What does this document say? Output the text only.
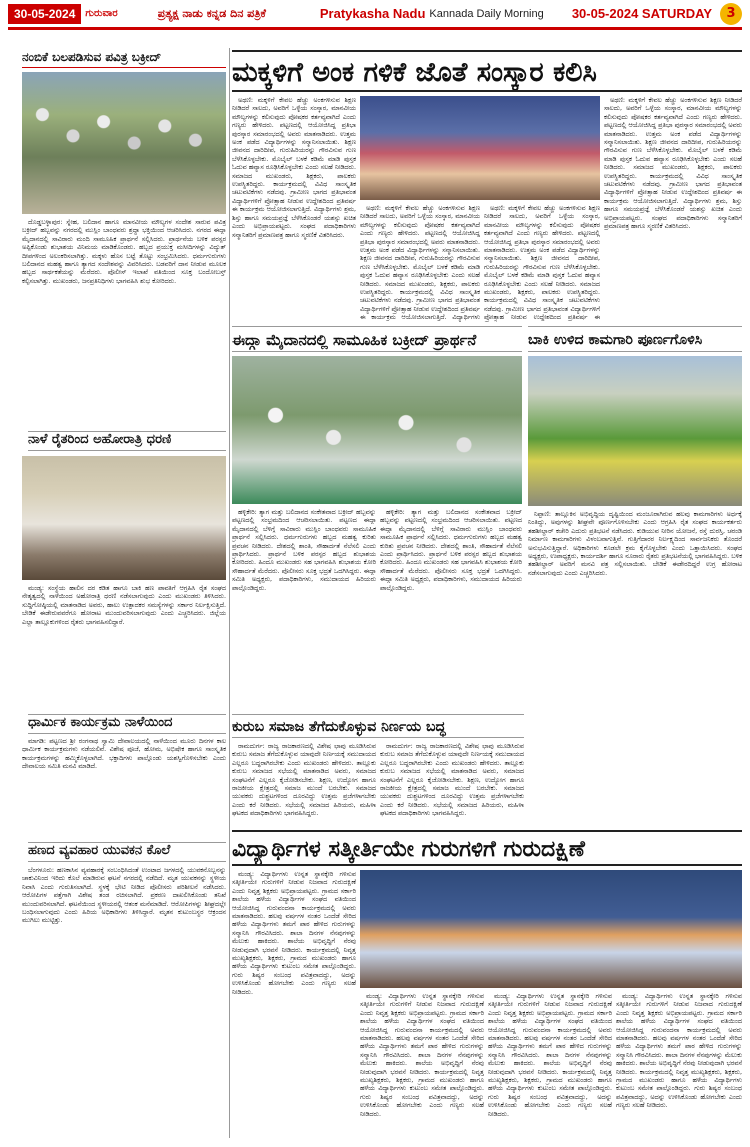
30-05-2024	ಗುರುವಾರ	ಪ್ರತ್ಯಕ್ಷ ನಾಡು ಕನ್ನಡ ದಿನ ಪತ್ರಿಕೆ	Pratykasha Nadu Kannada Daily Morning 30-05-2024 SATURDAY	3
ನಂಬಿಕೆ ಬಲಪಡಿಸುವ ಪವಿತ್ರ ಬಕ್ರೀದ್

ದೊಡ್ಡಬಳ್ಳಾಪುರ: ಸ್ನೇಹ, ಬಲಿದಾನ ಹಾಗೂ ಮಾನವೀಯ ಮೌಲ್ಯಗಳ ಸಂದೇಶ ಸಾರುವ ಪವಿತ್ರ ಬಕ್ರೀದ್ ಹಬ್ಬವನ್ನು ನಗರದಲ್ಲಿ ಮುಸ್ಲಿಂ ಬಾಂಧವರು ಶ್ರದ್ಧಾ ಭಕ್ತಿಯಿಂದ ಆಚರಿಸಿದರು. ನಗರದ ಈದ್ಗಾ ಮೈದಾನದಲ್ಲಿ ಸಾವಿರಾರು ಮಂದಿ ಸಾಮೂಹಿಕ ಪ್ರಾರ್ಥನೆ ಸಲ್ಲಿಸಿದರು. ಪ್ರಾರ್ಥನೆಯ ಬಳಿಕ ಪರಸ್ಪರ ಅಪ್ಪಿಕೊಂಡು ಶುಭಾಶಯ ವಿನಿಮಯ ಮಾಡಿಕೊಂಡರು. ಹಬ್ಬದ ಪ್ರಯುಕ್ತ ಮಸೀದಿಗಳನ್ನು ವಿದ್ಯುತ್ ದೀಪಗಳಿಂದ ಅಲಂಕರಿಸಲಾಗಿತ್ತು. ಮಕ್ಕಳು ಹೊಸ ಬಟ್ಟೆ ತೊಟ್ಟು ಸಂಭ್ರಮಿಸಿದರು. ಧರ್ಮಗುರುಗಳು ಬಲಿದಾನದ ಮಹತ್ವ ಹಾಗೂ ತ್ಯಾಗದ ಸಂದೇಶವನ್ನು ವಿವರಿಸಿದರು. ಬಡವರಿಗೆ ದಾನ ನೀಡುವ ಮೂಲಕ ಹಬ್ಬದ ಸಾರ್ಥಕತೆಯನ್ನು ಮೆರೆದರು. ಪೊಲೀಸ್ ಇಲಾಖೆ ವತಿಯಿಂದ ಸೂಕ್ತ ಬಂದೋಬಸ್ತ್ ಕಲ್ಪಿಸಲಾಗಿತ್ತು. ಮುಖಂಡರು, ಜನಪ್ರತಿನಿಧಿಗಳು ಭಾಗವಹಿಸಿ ಶುಭ ಕೋರಿದರು.

ನಾಳೆ ರೈತರಿಂದ ಅಹೋರಾತ್ರಿ ಧರಣಿ

ಮಂಡ್ಯ: ಸಂಸ್ಥೆಯ ಹಾಲಿನ ದರ ಕಡಿತ ಹಾಗೂ ಬಾಕಿ ಹಣ ಪಾವತಿಗೆ ಆಗ್ರಹಿಸಿ ರೈತ ಸಂಘದ ನೇತೃತ್ವದಲ್ಲಿ ನಾಳೆಯಿಂದ ಅಹೋರಾತ್ರಿ ಧರಣಿ ನಡೆಸಲಾಗುವುದು ಎಂದು ಮುಖಂಡರು ತಿಳಿಸಿದರು. ಸುದ್ದಿಗೋಷ್ಠಿಯಲ್ಲಿ ಮಾತನಾಡಿದ ಅವರು, ಹಾಲು ಉತ್ಪಾದಕರ ಸಮಸ್ಯೆಗಳನ್ನು ಸರ್ಕಾರ ನಿರ್ಲಕ್ಷಿಸುತ್ತಿದೆ. ಬೇಡಿಕೆ ಈಡೇರುವವರೆಗೂ ಹೋರಾಟ ಮುಂದುವರಿಸಲಾಗುವುದು ಎಂದು ಎಚ್ಚರಿಸಿದರು. ಜಿಲ್ಲೆಯ ಎಲ್ಲಾ ತಾಲ್ಲೂಕುಗಳಿಂದ ರೈತರು ಭಾಗವಹಿಸಲಿದ್ದಾರೆ.

ಧಾರ್ಮಿಕ ಕಾರ್ಯಕ್ರಮ ನಾಳೆಯಿಂದ

ಮಾಗಡಿ: ಪಟ್ಟಣದ ಶ್ರೀ ರಂಗನಾಥ ಸ್ವಾಮಿ ದೇವಾಲಯದಲ್ಲಿ ನಾಳೆಯಿಂದ ಮೂರು ದಿನಗಳ ಕಾಲ ಧಾರ್ಮಿಕ ಕಾರ್ಯಕ್ರಮಗಳು ನಡೆಯಲಿವೆ. ವಿಶೇಷ ಪೂಜೆ, ಹೋಮ, ಅಭಿಷೇಕ ಹಾಗೂ ಸಾಂಸ್ಕೃತಿಕ ಕಾರ್ಯಕ್ರಮಗಳನ್ನು ಹಮ್ಮಿಕೊಳ್ಳಲಾಗಿದೆ. ಭಕ್ತಾದಿಗಳು ಪಾಲ್ಗೊಂಡು ಯಶಸ್ವಿಗೊಳಿಸಬೇಕು ಎಂದು ದೇವಾಲಯ ಸಮಿತಿ ಮನವಿ ಮಾಡಿದೆ.

ಹಣದ ವ್ಯವಹಾರ ಯುವಕನ ಕೊಲೆ

ಬೆಂಗಳೂರು: ಹಣಕಾಸಿನ ವ್ಯವಹಾರಕ್ಕೆ ಸಂಬಂಧಿಸಿದಂತೆ ಉಂಟಾದ ಜಗಳದಲ್ಲಿ ಯುವಕನೊಬ್ಬನನ್ನು ಚಾಕುವಿನಿಂದ ಇರಿದು ಕೊಲೆ ಮಾಡಿರುವ ಘಟನೆ ನಗರದಲ್ಲಿ ನಡೆದಿದೆ. ಮೃತ ಯುವಕನನ್ನು ಸ್ಥಳೀಯ ನಿವಾಸಿ ಎಂದು ಗುರುತಿಸಲಾಗಿದೆ. ಸ್ಥಳಕ್ಕೆ ಭೇಟಿ ನೀಡಿದ ಪೊಲೀಸರು ಪರಿಶೀಲನೆ ನಡೆಸಿದರು. ಆರೋಪಿಗಳ ಪತ್ತೆಗಾಗಿ ವಿಶೇಷ ತಂಡ ರಚಿಸಲಾಗಿದೆ. ಪ್ರಕರಣ ದಾಖಲಿಸಿಕೊಂಡು ತನಿಖೆ ಮುಂದುವರಿಸಲಾಗಿದೆ. ಘಟನೆಯಿಂದ ಸ್ಥಳೀಯರಲ್ಲಿ ಆತಂಕ ಮನೆಮಾಡಿದೆ. ಆರೋಪಿಗಳನ್ನು ಶೀಘ್ರದಲ್ಲೇ ಬಂಧಿಸಲಾಗುವುದು ಎಂದು ಹಿರಿಯ ಅಧಿಕಾರಿಗಳು ತಿಳಿಸಿದ್ದಾರೆ. ಮೃತನ ಕುಟುಂಬಸ್ಥರ ಆಕ್ರಂದನ ಮುಗಿಲು ಮುಟ್ಟಿತ್ತು.

ಮಕ್ಕಳಿಗೆ ಅಂಕ ಗಳಿಕೆ ಜೊತೆ ಸಂಸ್ಕಾರ ಕಲಿಸಿ

ಅಥಣಿ: ಮಕ್ಕಳಿಗೆ ಕೇವಲ ಹೆಚ್ಚು ಅಂಕಗಳಿಸುವ ಶಿಕ್ಷಣ ನೀಡಿದರೆ ಸಾಲದು, ಅವರಿಗೆ ಒಳ್ಳೆಯ ಸಂಸ್ಕಾರ, ಮಾನವೀಯ ಮೌಲ್ಯಗಳನ್ನು ಕಲಿಸುವುದು ಪೋಷಕರ ಕರ್ತವ್ಯವಾಗಿದೆ ಎಂದು ಗಣ್ಯರು ಹೇಳಿದರು. ಪಟ್ಟಣದಲ್ಲಿ ಆಯೋಜಿಸಿದ್ದ ಪ್ರತಿಭಾ ಪುರಸ್ಕಾರ ಸಮಾರಂಭದಲ್ಲಿ ಅವರು ಮಾತನಾಡಿದರು. ಉತ್ತಮ ಅಂಕ ಪಡೆದ ವಿದ್ಯಾರ್ಥಿಗಳನ್ನು ಸನ್ಮಾನಿಸಲಾಯಿತು. ಶಿಕ್ಷಣ ಜೀವನದ ದಾರಿದೀಪ, ಗುರುಹಿರಿಯರನ್ನು ಗೌರವಿಸುವ ಗುಣ ಬೆಳೆಸಿಕೊಳ್ಳಬೇಕು. ಮೊಬೈಲ್ ಬಳಕೆ ಕಡಿಮೆ ಮಾಡಿ ಪುಸ್ತಕ ಓದುವ ಹವ್ಯಾಸ ರೂಢಿಸಿಕೊಳ್ಳಬೇಕು ಎಂದು ಸಲಹೆ ನೀಡಿದರು. ಸಮಾಜದ ಮುಖಂಡರು, ಶಿಕ್ಷಕರು, ಪಾಲಕರು ಉಪಸ್ಥಿತರಿದ್ದರು. ಕಾರ್ಯಕ್ರಮದಲ್ಲಿ ವಿವಿಧ ಸಾಂಸ್ಕೃತಿಕ ಚಟುವಟಿಕೆಗಳು ನಡೆದವು. ಗ್ರಾಮೀಣ ಭಾಗದ ಪ್ರತಿಭಾವಂತ ವಿದ್ಯಾರ್ಥಿಗಳಿಗೆ ಪ್ರೋತ್ಸಾಹ ನೀಡುವ ಉದ್ದೇಶದಿಂದ ಪ್ರತಿವರ್ಷ ಈ ಕಾರ್ಯಕ್ರಮ ಆಯೋಜಿಸಲಾಗುತ್ತಿದೆ. ವಿದ್ಯಾರ್ಥಿಗಳು ಶ್ರಮ, ಶಿಸ್ತು ಹಾಗೂ ಸಮಯಪ್ರಜ್ಞೆ ಬೆಳೆಸಿಕೊಂಡರೆ ಯಶಸ್ಸು ಖಚಿತ ಎಂದು ಅಭಿಪ್ರಾಯಪಟ್ಟರು. ಸಂಘದ ಪದಾಧಿಕಾರಿಗಳು ಸನ್ಮಾನಿತರಿಗೆ ಪ್ರಮಾಣಪತ್ರ ಹಾಗೂ ಸ್ಮರಣಿಕೆ ವಿತರಿಸಿದರು.

ಅಥಣಿ: ಮಕ್ಕಳಿಗೆ ಕೇವಲ ಹೆಚ್ಚು ಅಂಕಗಳಿಸುವ ಶಿಕ್ಷಣ ನೀಡಿದರೆ ಸಾಲದು, ಅವರಿಗೆ ಒಳ್ಳೆಯ ಸಂಸ್ಕಾರ, ಮಾನವೀಯ ಮೌಲ್ಯಗಳನ್ನು ಕಲಿಸುವುದು ಪೋಷಕರ ಕರ್ತವ್ಯವಾಗಿದೆ ಎಂದು ಗಣ್ಯರು ಹೇಳಿದರು. ಪಟ್ಟಣದಲ್ಲಿ ಆಯೋಜಿಸಿದ್ದ ಪ್ರತಿಭಾ ಪುರಸ್ಕಾರ ಸಮಾರಂಭದಲ್ಲಿ ಅವರು ಮಾತನಾಡಿದರು. ಉತ್ತಮ ಅಂಕ ಪಡೆದ ವಿದ್ಯಾರ್ಥಿಗಳನ್ನು ಸನ್ಮಾನಿಸಲಾಯಿತು. ಶಿಕ್ಷಣ ಜೀವನದ ದಾರಿದೀಪ, ಗುರುಹಿರಿಯರನ್ನು ಗೌರವಿಸುವ ಗುಣ ಬೆಳೆಸಿಕೊಳ್ಳಬೇಕು. ಮೊಬೈಲ್ ಬಳಕೆ ಕಡಿಮೆ ಮಾಡಿ ಪುಸ್ತಕ ಓದುವ ಹವ್ಯಾಸ ರೂಢಿಸಿಕೊಳ್ಳಬೇಕು ಎಂದು ಸಲಹೆ ನೀಡಿದರು. ಸಮಾಜದ ಮುಖಂಡರು, ಶಿಕ್ಷಕರು, ಪಾಲಕರು ಉಪಸ್ಥಿತರಿದ್ದರು. ಕಾರ್ಯಕ್ರಮದಲ್ಲಿ ವಿವಿಧ ಸಾಂಸ್ಕೃತಿಕ ಚಟುವಟಿಕೆಗಳು ನಡೆದವು. ಗ್ರಾಮೀಣ ಭಾಗದ ಪ್ರತಿಭಾವಂತ ವಿದ್ಯಾರ್ಥಿಗಳಿಗೆ ಪ್ರೋತ್ಸಾಹ ನೀಡುವ ಉದ್ದೇಶದಿಂದ ಪ್ರತಿವರ್ಷ ಈ ಕಾರ್ಯಕ್ರಮ ಆಯೋಜಿಸಲಾಗುತ್ತಿದೆ. ವಿದ್ಯಾರ್ಥಿಗಳು

ಅಥಣಿ: ಮಕ್ಕಳಿಗೆ ಕೇವಲ ಹೆಚ್ಚು ಅಂಕಗಳಿಸುವ ಶಿಕ್ಷಣ ನೀಡಿದರೆ ಸಾಲದು, ಅವರಿಗೆ ಒಳ್ಳೆಯ ಸಂಸ್ಕಾರ, ಮಾನವೀಯ ಮೌಲ್ಯಗಳನ್ನು ಕಲಿಸುವುದು ಪೋಷಕರ ಕರ್ತವ್ಯವಾಗಿದೆ ಎಂದು ಗಣ್ಯರು ಹೇಳಿದರು. ಪಟ್ಟಣದಲ್ಲಿ ಆಯೋಜಿಸಿದ್ದ ಪ್ರತಿಭಾ ಪುರಸ್ಕಾರ ಸಮಾರಂಭದಲ್ಲಿ ಅವರು ಮಾತನಾಡಿದರು. ಉತ್ತಮ ಅಂಕ ಪಡೆದ ವಿದ್ಯಾರ್ಥಿಗಳನ್ನು ಸನ್ಮಾನಿಸಲಾಯಿತು. ಶಿಕ್ಷಣ ಜೀವನದ ದಾರಿದೀಪ, ಗುರುಹಿರಿಯರನ್ನು ಗೌರವಿಸುವ ಗುಣ ಬೆಳೆಸಿಕೊಳ್ಳಬೇಕು. ಮೊಬೈಲ್ ಬಳಕೆ ಕಡಿಮೆ ಮಾಡಿ ಪುಸ್ತಕ ಓದುವ ಹವ್ಯಾಸ ರೂಢಿಸಿಕೊಳ್ಳಬೇಕು ಎಂದು ಸಲಹೆ ನೀಡಿದರು. ಸಮಾಜದ ಮುಖಂಡರು, ಶಿಕ್ಷಕರು, ಪಾಲಕರು ಉಪಸ್ಥಿತರಿದ್ದರು. ಕಾರ್ಯಕ್ರಮದಲ್ಲಿ ವಿವಿಧ ಸಾಂಸ್ಕೃತಿಕ ಚಟುವಟಿಕೆಗಳು ನಡೆದವು. ಗ್ರಾಮೀಣ ಭಾಗದ ಪ್ರತಿಭಾವಂತ ವಿದ್ಯಾರ್ಥಿಗಳಿಗೆ ಪ್ರೋತ್ಸಾಹ ನೀಡುವ ಉದ್ದೇಶದಿಂದ ಪ್ರತಿವರ್ಷ ಈ

ಅಥಣಿ: ಮಕ್ಕಳಿಗೆ ಕೇವಲ ಹೆಚ್ಚು ಅಂಕಗಳಿಸುವ ಶಿಕ್ಷಣ ನೀಡಿದರೆ ಸಾಲದು, ಅವರಿಗೆ ಒಳ್ಳೆಯ ಸಂಸ್ಕಾರ, ಮಾನವೀಯ ಮೌಲ್ಯಗಳನ್ನು ಕಲಿಸುವುದು ಪೋಷಕರ ಕರ್ತವ್ಯವಾಗಿದೆ ಎಂದು ಗಣ್ಯರು ಹೇಳಿದರು. ಪಟ್ಟಣದಲ್ಲಿ ಆಯೋಜಿಸಿದ್ದ ಪ್ರತಿಭಾ ಪುರಸ್ಕಾರ ಸಮಾರಂಭದಲ್ಲಿ ಅವರು ಮಾತನಾಡಿದರು. ಉತ್ತಮ ಅಂಕ ಪಡೆದ ವಿದ್ಯಾರ್ಥಿಗಳನ್ನು ಸನ್ಮಾನಿಸಲಾಯಿತು. ಶಿಕ್ಷಣ ಜೀವನದ ದಾರಿದೀಪ, ಗುರುಹಿರಿಯರನ್ನು ಗೌರವಿಸುವ ಗುಣ ಬೆಳೆಸಿಕೊಳ್ಳಬೇಕು. ಮೊಬೈಲ್ ಬಳಕೆ ಕಡಿಮೆ ಮಾಡಿ ಪುಸ್ತಕ ಓದುವ ಹವ್ಯಾಸ ರೂಢಿಸಿಕೊಳ್ಳಬೇಕು ಎಂದು ಸಲಹೆ ನೀಡಿದರು. ಸಮಾಜದ ಮುಖಂಡರು, ಶಿಕ್ಷಕರು, ಪಾಲಕರು ಉಪಸ್ಥಿತರಿದ್ದರು. ಕಾರ್ಯಕ್ರಮದಲ್ಲಿ ವಿವಿಧ ಸಾಂಸ್ಕೃತಿಕ ಚಟುವಟಿಕೆಗಳು ನಡೆದವು. ಗ್ರಾಮೀಣ ಭಾಗದ ಪ್ರತಿಭಾವಂತ ವಿದ್ಯಾರ್ಥಿಗಳಿಗೆ ಪ್ರೋತ್ಸಾಹ ನೀಡುವ ಉದ್ದೇಶದಿಂದ ಪ್ರತಿವರ್ಷ ಈ ಕಾರ್ಯಕ್ರಮ ಆಯೋಜಿಸಲಾಗುತ್ತಿದೆ. ವಿದ್ಯಾರ್ಥಿಗಳು ಶ್ರಮ, ಶಿಸ್ತು ಹಾಗೂ ಸಮಯಪ್ರಜ್ಞೆ ಬೆಳೆಸಿಕೊಂಡರೆ ಯಶಸ್ಸು ಖಚಿತ ಎಂದು ಅಭಿಪ್ರಾಯಪಟ್ಟರು. ಸಂಘದ ಪದಾಧಿಕಾರಿಗಳು ಸನ್ಮಾನಿತರಿಗೆ ಪ್ರಮಾಣಪತ್ರ ಹಾಗೂ ಸ್ಮರಣಿಕೆ ವಿತರಿಸಿದರು.

ಈದ್ಗಾ ಮೈದಾನದಲ್ಲಿ ಸಾಮೂಹಿಕ ಬಕ್ರೀದ್ ಪ್ರಾರ್ಥನೆ

ಹಳ್ಳಿಕೇರಿ: ತ್ಯಾಗ ಮತ್ತು ಬಲಿದಾನದ ಸಂಕೇತವಾದ ಬಕ್ರೀದ್ ಹಬ್ಬವನ್ನು ಪಟ್ಟಣದಲ್ಲಿ ಸಂಭ್ರಮದಿಂದ ಆಚರಿಸಲಾಯಿತು. ಪಟ್ಟಣದ ಈದ್ಗಾ ಮೈದಾನದಲ್ಲಿ ಬೆಳಿಗ್ಗೆ ಸಾವಿರಾರು ಮುಸ್ಲಿಂ ಬಾಂಧವರು ಸಾಮೂಹಿಕ ಪ್ರಾರ್ಥನೆ ಸಲ್ಲಿಸಿದರು. ಧರ್ಮಗುರುಗಳು ಹಬ್ಬದ ಮಹತ್ವ ಕುರಿತು ಪ್ರವಚನ ನೀಡಿದರು. ದೇಶದಲ್ಲಿ ಶಾಂತಿ, ಸೌಹಾರ್ದತೆ ನೆಲೆಸಲಿ ಎಂದು ಪ್ರಾರ್ಥಿಸಿದರು. ಪ್ರಾರ್ಥನೆ ಬಳಿಕ ಪರಸ್ಪರ ಹಬ್ಬದ ಶುಭಾಶಯ ಕೋರಿದರು. ಹಿಂದೂ ಮುಖಂಡರು ಸಹ ಭಾಗವಹಿಸಿ ಶುಭಾಶಯ ಕೋರಿ ಸೌಹಾರ್ದತೆ ಮೆರೆದರು. ಪೊಲೀಸರು ಸೂಕ್ತ ಭದ್ರತೆ ಒದಗಿಸಿದ್ದರು. ಈದ್ಗಾ ಸಮಿತಿ ಅಧ್ಯಕ್ಷರು, ಪದಾಧಿಕಾರಿಗಳು, ಸಮುದಾಯದ ಹಿರಿಯರು ಪಾಲ್ಗೊಂಡಿದ್ದರು.

ಹಳ್ಳಿಕೇರಿ: ತ್ಯಾಗ ಮತ್ತು ಬಲಿದಾನದ ಸಂಕೇತವಾದ ಬಕ್ರೀದ್ ಹಬ್ಬವನ್ನು ಪಟ್ಟಣದಲ್ಲಿ ಸಂಭ್ರಮದಿಂದ ಆಚರಿಸಲಾಯಿತು. ಪಟ್ಟಣದ ಈದ್ಗಾ ಮೈದಾನದಲ್ಲಿ ಬೆಳಿಗ್ಗೆ ಸಾವಿರಾರು ಮುಸ್ಲಿಂ ಬಾಂಧವರು ಸಾಮೂಹಿಕ ಪ್ರಾರ್ಥನೆ ಸಲ್ಲಿಸಿದರು. ಧರ್ಮಗುರುಗಳು ಹಬ್ಬದ ಮಹತ್ವ ಕುರಿತು ಪ್ರವಚನ ನೀಡಿದರು. ದೇಶದಲ್ಲಿ ಶಾಂತಿ, ಸೌಹಾರ್ದತೆ ನೆಲೆಸಲಿ ಎಂದು ಪ್ರಾರ್ಥಿಸಿದರು. ಪ್ರಾರ್ಥನೆ ಬಳಿಕ ಪರಸ್ಪರ ಹಬ್ಬದ ಶುಭಾಶಯ ಕೋರಿದರು. ಹಿಂದೂ ಮುಖಂಡರು ಸಹ ಭಾಗವಹಿಸಿ ಶುಭಾಶಯ ಕೋರಿ ಸೌಹಾರ್ದತೆ ಮೆರೆದರು. ಪೊಲೀಸರು ಸೂಕ್ತ ಭದ್ರತೆ ಒದಗಿಸಿದ್ದರು. ಈದ್ಗಾ ಸಮಿತಿ ಅಧ್ಯಕ್ಷರು, ಪದಾಧಿಕಾರಿಗಳು, ಸಮುದಾಯದ ಹಿರಿಯರು ಪಾಲ್ಗೊಂಡಿದ್ದರು.

ಬಾಕಿ ಉಳಿದ ಕಾಮಗಾರಿ ಪೂರ್ಣಗೊಳಿಸಿ

ನಿಪ್ಪಾಣಿ: ತಾಲ್ಲೂಕಿನ ಅಭಿವೃದ್ಧಿಯ ದೃಷ್ಟಿಯಿಂದ ಮಂಜೂರಾಗಿರುವ ಹಲವು ಕಾಮಗಾರಿಗಳು ಅರ್ಧಕ್ಕೆ ನಿಂತಿದ್ದು, ಅವುಗಳನ್ನು ಶೀಘ್ರವೇ ಪೂರ್ಣಗೊಳಿಸಬೇಕು ಎಂದು ಆಗ್ರಹಿಸಿ ರೈತ ಸಂಘದ ಕಾರ್ಯಕರ್ತರು ತಹಶೀಲ್ದಾರ್ ಕಚೇರಿ ಎದುರು ಪ್ರತಿಭಟನೆ ನಡೆಸಿದರು. ಕುಡಿಯುವ ನೀರಿನ ಯೋಜನೆ, ರಸ್ತೆ ದುರಸ್ತಿ, ಚರಂಡಿ ನಿರ್ಮಾಣ ಕಾಮಗಾರಿಗಳು ವಿಳಂಬವಾಗುತ್ತಿವೆ. ಗುತ್ತಿಗೆದಾರರ ನಿರ್ಲಕ್ಷ್ಯದಿಂದ ಸಾರ್ವಜನಿಕರು ತೊಂದರೆ ಅನುಭವಿಸುತ್ತಿದ್ದಾರೆ. ಅಧಿಕಾರಿಗಳು ಕೂಡಲೇ ಕ್ರಮ ಕೈಗೊಳ್ಳಬೇಕು ಎಂದು ಒತ್ತಾಯಿಸಿದರು. ಸಂಘದ ಅಧ್ಯಕ್ಷರು, ಉಪಾಧ್ಯಕ್ಷರು, ಕಾರ್ಯದರ್ಶಿ ಹಾಗೂ ನೂರಾರು ರೈತರು ಪ್ರತಿಭಟನೆಯಲ್ಲಿ ಭಾಗವಹಿಸಿದ್ದರು. ಬಳಿಕ ತಹಶೀಲ್ದಾರ್ ಅವರಿಗೆ ಮನವಿ ಪತ್ರ ಸಲ್ಲಿಸಲಾಯಿತು. ಬೇಡಿಕೆ ಈಡೇರದಿದ್ದರೆ ಉಗ್ರ ಹೋರಾಟ ನಡೆಸಲಾಗುವುದು ಎಂದು ಎಚ್ಚರಿಸಿದರು.

ಕುರುಬ ಸಮಾಜ ತೆಗೆದುಕೊಳ್ಳುವ ನಿರ್ಣಯ ಬದ್ಧ

ರಾಮದುರ್ಗ: ರಾಜ್ಯ ರಾಜಕಾರಣದಲ್ಲಿ ವಿಶೇಷ ಛಾಪು ಮೂಡಿಸಿರುವ ಕುರುಬ ಸಮಾಜ ತೆಗೆದುಕೊಳ್ಳುವ ಯಾವುದೇ ನಿರ್ಣಯಕ್ಕೆ ಸಮುದಾಯದ ಎಲ್ಲರೂ ಬದ್ಧರಾಗಿರಬೇಕು ಎಂದು ಮುಖಂಡರು ಹೇಳಿದರು. ತಾಲ್ಲೂಕು ಕುರುಬ ಸಮಾಜದ ಸಭೆಯಲ್ಲಿ ಮಾತನಾಡಿದ ಅವರು, ಸಮಾಜದ ಸಂಘಟನೆಗೆ ಎಲ್ಲರೂ ಕೈಜೋಡಿಸಬೇಕು. ಶಿಕ್ಷಣ, ಉದ್ಯೋಗ ಹಾಗೂ ರಾಜಕೀಯ ಕ್ಷೇತ್ರದಲ್ಲಿ ಸಮಾಜ ಮುಂದೆ ಬರಬೇಕು. ಸಮಾಜದ ಯುವಕರು ದುಶ್ಚಟಗಳಿಂದ ದೂರವಿದ್ದು ಉತ್ತಮ ಪ್ರಜೆಗಳಾಗಬೇಕು ಎಂದು ಕರೆ ನೀಡಿದರು. ಸಭೆಯಲ್ಲಿ ಸಮಾಜದ ಹಿರಿಯರು, ಮಹಿಳಾ ಘಟಕದ ಪದಾಧಿಕಾರಿಗಳು ಭಾಗವಹಿಸಿದ್ದರು.

ರಾಮದುರ್ಗ: ರಾಜ್ಯ ರಾಜಕಾರಣದಲ್ಲಿ ವಿಶೇಷ ಛಾಪು ಮೂಡಿಸಿರುವ ಕುರುಬ ಸಮಾಜ ತೆಗೆದುಕೊಳ್ಳುವ ಯಾವುದೇ ನಿರ್ಣಯಕ್ಕೆ ಸಮುದಾಯದ ಎಲ್ಲರೂ ಬದ್ಧರಾಗಿರಬೇಕು ಎಂದು ಮುಖಂಡರು ಹೇಳಿದರು. ತಾಲ್ಲೂಕು ಕುರುಬ ಸಮಾಜದ ಸಭೆಯಲ್ಲಿ ಮಾತನಾಡಿದ ಅವರು, ಸಮಾಜದ ಸಂಘಟನೆಗೆ ಎಲ್ಲರೂ ಕೈಜೋಡಿಸಬೇಕು. ಶಿಕ್ಷಣ, ಉದ್ಯೋಗ ಹಾಗೂ ರಾಜಕೀಯ ಕ್ಷೇತ್ರದಲ್ಲಿ ಸಮಾಜ ಮುಂದೆ ಬರಬೇಕು. ಸಮಾಜದ ಯುವಕರು ದುಶ್ಚಟಗಳಿಂದ ದೂರವಿದ್ದು ಉತ್ತಮ ಪ್ರಜೆಗಳಾಗಬೇಕು ಎಂದು ಕರೆ ನೀಡಿದರು. ಸಭೆಯಲ್ಲಿ ಸಮಾಜದ ಹಿರಿಯರು, ಮಹಿಳಾ ಘಟಕದ ಪದಾಧಿಕಾರಿಗಳು ಭಾಗವಹಿಸಿದ್ದರು.

ವಿದ್ಯಾರ್ಥಿಗಳ ಸತ್ಕೀರ್ತಿಯೇ ಗುರುಗಳಿಗೆ ಗುರುದಕ್ಷಿಣೆ

ಮಂಡ್ಯ: ವಿದ್ಯಾರ್ಥಿಗಳು ಉನ್ನತ ಸ್ಥಾನಕ್ಕೇರಿ ಗಳಿಸುವ ಸತ್ಕೀರ್ತಿಯೇ ಗುರುಗಳಿಗೆ ನೀಡುವ ನಿಜವಾದ ಗುರುದಕ್ಷಿಣೆ ಎಂದು ನಿವೃತ್ತ ಶಿಕ್ಷಕರು ಅಭಿಪ್ರಾಯಪಟ್ಟರು. ಗ್ರಾಮದ ಸರ್ಕಾರಿ ಶಾಲೆಯ ಹಳೆಯ ವಿದ್ಯಾರ್ಥಿಗಳ ಸಂಘದ ವತಿಯಿಂದ ಆಯೋಜಿಸಿದ್ದ ಗುರುವಂದನಾ ಕಾರ್ಯಕ್ರಮದಲ್ಲಿ ಅವರು ಮಾತನಾಡಿದರು. ಹಲವು ವರ್ಷಗಳ ನಂತರ ಒಂದೆಡೆ ಸೇರಿದ ಹಳೆಯ ವಿದ್ಯಾರ್ಥಿಗಳು ತಮಗೆ ಪಾಠ ಹೇಳಿದ ಗುರುಗಳನ್ನು ಸನ್ಮಾನಿಸಿ ಗೌರವಿಸಿದರು. ಶಾಲಾ ದಿನಗಳ ನೆನಪುಗಳನ್ನು ಮೆಲುಕು ಹಾಕಿದರು. ಶಾಲೆಯ ಅಭಿವೃದ್ಧಿಗೆ ನೆರವು ನೀಡುವುದಾಗಿ ಭರವಸೆ ನೀಡಿದರು. ಕಾರ್ಯಕ್ರಮದಲ್ಲಿ ನಿವೃತ್ತ ಮುಖ್ಯಶಿಕ್ಷಕರು, ಶಿಕ್ಷಕರು, ಗ್ರಾಮದ ಮುಖಂಡರು ಹಾಗೂ ಹಳೆಯ ವಿದ್ಯಾರ್ಥಿಗಳು ಕುಟುಂಬ ಸಮೇತ ಪಾಲ್ಗೊಂಡಿದ್ದರು. ಗುರು ಶಿಷ್ಯರ ಸಂಬಂಧ ಪವಿತ್ರವಾದದ್ದು, ಅದನ್ನು ಉಳಿಸಿಕೊಂಡು ಹೋಗಬೇಕು ಎಂದು ಗಣ್ಯರು ಸಲಹೆ ನೀಡಿದರು.

ಮಂಡ್ಯ: ವಿದ್ಯಾರ್ಥಿಗಳು ಉನ್ನತ ಸ್ಥಾನಕ್ಕೇರಿ ಗಳಿಸುವ ಸತ್ಕೀರ್ತಿಯೇ ಗುರುಗಳಿಗೆ ನೀಡುವ ನಿಜವಾದ ಗುರುದಕ್ಷಿಣೆ ಎಂದು ನಿವೃತ್ತ ಶಿಕ್ಷಕರು ಅಭಿಪ್ರಾಯಪಟ್ಟರು. ಗ್ರಾಮದ ಸರ್ಕಾರಿ ಶಾಲೆಯ ಹಳೆಯ ವಿದ್ಯಾರ್ಥಿಗಳ ಸಂಘದ ವತಿಯಿಂದ ಆಯೋಜಿಸಿದ್ದ ಗುರುವಂದನಾ ಕಾರ್ಯಕ್ರಮದಲ್ಲಿ ಅವರು ಮಾತನಾಡಿದರು. ಹಲವು ವರ್ಷಗಳ ನಂತರ ಒಂದೆಡೆ ಸೇರಿದ ಹಳೆಯ ವಿದ್ಯಾರ್ಥಿಗಳು ತಮಗೆ ಪಾಠ ಹೇಳಿದ ಗುರುಗಳನ್ನು ಸನ್ಮಾನಿಸಿ ಗೌರವಿಸಿದರು. ಶಾಲಾ ದಿನಗಳ ನೆನಪುಗಳನ್ನು ಮೆಲುಕು ಹಾಕಿದರು. ಶಾಲೆಯ ಅಭಿವೃದ್ಧಿಗೆ ನೆರವು ನೀಡುವುದಾಗಿ ಭರವಸೆ ನೀಡಿದರು. ಕಾರ್ಯಕ್ರಮದಲ್ಲಿ ನಿವೃತ್ತ ಮುಖ್ಯಶಿಕ್ಷಕರು, ಶಿಕ್ಷಕರು, ಗ್ರಾಮದ ಮುಖಂಡರು ಹಾಗೂ ಹಳೆಯ ವಿದ್ಯಾರ್ಥಿಗಳು ಕುಟುಂಬ ಸಮೇತ ಪಾಲ್ಗೊಂಡಿದ್ದರು. ಗುರು ಶಿಷ್ಯರ ಸಂಬಂಧ ಪವಿತ್ರವಾದದ್ದು, ಅದನ್ನು ಉಳಿಸಿಕೊಂಡು ಹೋಗಬೇಕು ಎಂದು ಗಣ್ಯರು ಸಲಹೆ ನೀಡಿದರು.

ಮಂಡ್ಯ: ವಿದ್ಯಾರ್ಥಿಗಳು ಉನ್ನತ ಸ್ಥಾನಕ್ಕೇರಿ ಗಳಿಸುವ ಸತ್ಕೀರ್ತಿಯೇ ಗುರುಗಳಿಗೆ ನೀಡುವ ನಿಜವಾದ ಗುರುದಕ್ಷಿಣೆ ಎಂದು ನಿವೃತ್ತ ಶಿಕ್ಷಕರು ಅಭಿಪ್ರಾಯಪಟ್ಟರು. ಗ್ರಾಮದ ಸರ್ಕಾರಿ ಶಾಲೆಯ ಹಳೆಯ ವಿದ್ಯಾರ್ಥಿಗಳ ಸಂಘದ ವತಿಯಿಂದ ಆಯೋಜಿಸಿದ್ದ ಗುರುವಂದನಾ ಕಾರ್ಯಕ್ರಮದಲ್ಲಿ ಅವರು ಮಾತನಾಡಿದರು. ಹಲವು ವರ್ಷಗಳ ನಂತರ ಒಂದೆಡೆ ಸೇರಿದ ಹಳೆಯ ವಿದ್ಯಾರ್ಥಿಗಳು ತಮಗೆ ಪಾಠ ಹೇಳಿದ ಗುರುಗಳನ್ನು ಸನ್ಮಾನಿಸಿ ಗೌರವಿಸಿದರು. ಶಾಲಾ ದಿನಗಳ ನೆನಪುಗಳನ್ನು ಮೆಲುಕು ಹಾಕಿದರು. ಶಾಲೆಯ ಅಭಿವೃದ್ಧಿಗೆ ನೆರವು ನೀಡುವುದಾಗಿ ಭರವಸೆ ನೀಡಿದರು. ಕಾರ್ಯಕ್ರಮದಲ್ಲಿ ನಿವೃತ್ತ ಮುಖ್ಯಶಿಕ್ಷಕರು, ಶಿಕ್ಷಕರು, ಗ್ರಾಮದ ಮುಖಂಡರು ಹಾಗೂ ಹಳೆಯ ವಿದ್ಯಾರ್ಥಿಗಳು ಕುಟುಂಬ ಸಮೇತ ಪಾಲ್ಗೊಂಡಿದ್ದರು. ಗುರು ಶಿಷ್ಯರ ಸಂಬಂಧ ಪವಿತ್ರವಾದದ್ದು, ಅದನ್ನು ಉಳಿಸಿಕೊಂಡು ಹೋಗಬೇಕು ಎಂದು ಗಣ್ಯರು ಸಲಹೆ ನೀಡಿದರು.

ಮಂಡ್ಯ: ವಿದ್ಯಾರ್ಥಿಗಳು ಉನ್ನತ ಸ್ಥಾನಕ್ಕೇರಿ ಗಳಿಸುವ ಸತ್ಕೀರ್ತಿಯೇ ಗುರುಗಳಿಗೆ ನೀಡುವ ನಿಜವಾದ ಗುರುದಕ್ಷಿಣೆ ಎಂದು ನಿವೃತ್ತ ಶಿಕ್ಷಕರು ಅಭಿಪ್ರಾಯಪಟ್ಟರು. ಗ್ರಾಮದ ಸರ್ಕಾರಿ ಶಾಲೆಯ ಹಳೆಯ ವಿದ್ಯಾರ್ಥಿಗಳ ಸಂಘದ ವತಿಯಿಂದ ಆಯೋಜಿಸಿದ್ದ ಗುರುವಂದನಾ ಕಾರ್ಯಕ್ರಮದಲ್ಲಿ ಅವರು ಮಾತನಾಡಿದರು. ಹಲವು ವರ್ಷಗಳ ನಂತರ ಒಂದೆಡೆ ಸೇರಿದ ಹಳೆಯ ವಿದ್ಯಾರ್ಥಿಗಳು ತಮಗೆ ಪಾಠ ಹೇಳಿದ ಗುರುಗಳನ್ನು ಸನ್ಮಾನಿಸಿ ಗೌರವಿಸಿದರು. ಶಾಲಾ ದಿನಗಳ ನೆನಪುಗಳನ್ನು ಮೆಲುಕು ಹಾಕಿದರು. ಶಾಲೆಯ ಅಭಿವೃದ್ಧಿಗೆ ನೆರವು ನೀಡುವುದಾಗಿ ಭರವಸೆ ನೀಡಿದರು. ಕಾರ್ಯಕ್ರಮದಲ್ಲಿ ನಿವೃತ್ತ ಮುಖ್ಯಶಿಕ್ಷಕರು, ಶಿಕ್ಷಕರು, ಗ್ರಾಮದ ಮುಖಂಡರು ಹಾಗೂ ಹಳೆಯ ವಿದ್ಯಾರ್ಥಿಗಳು ಕುಟುಂಬ ಸಮೇತ ಪಾಲ್ಗೊಂಡಿದ್ದರು. ಗುರು ಶಿಷ್ಯರ ಸಂಬಂಧ ಪವಿತ್ರವಾದದ್ದು, ಅದನ್ನು ಉಳಿಸಿಕೊಂಡು ಹೋಗಬೇಕು ಎಂದು ಗಣ್ಯರು ಸಲಹೆ ನೀಡಿದರು.
